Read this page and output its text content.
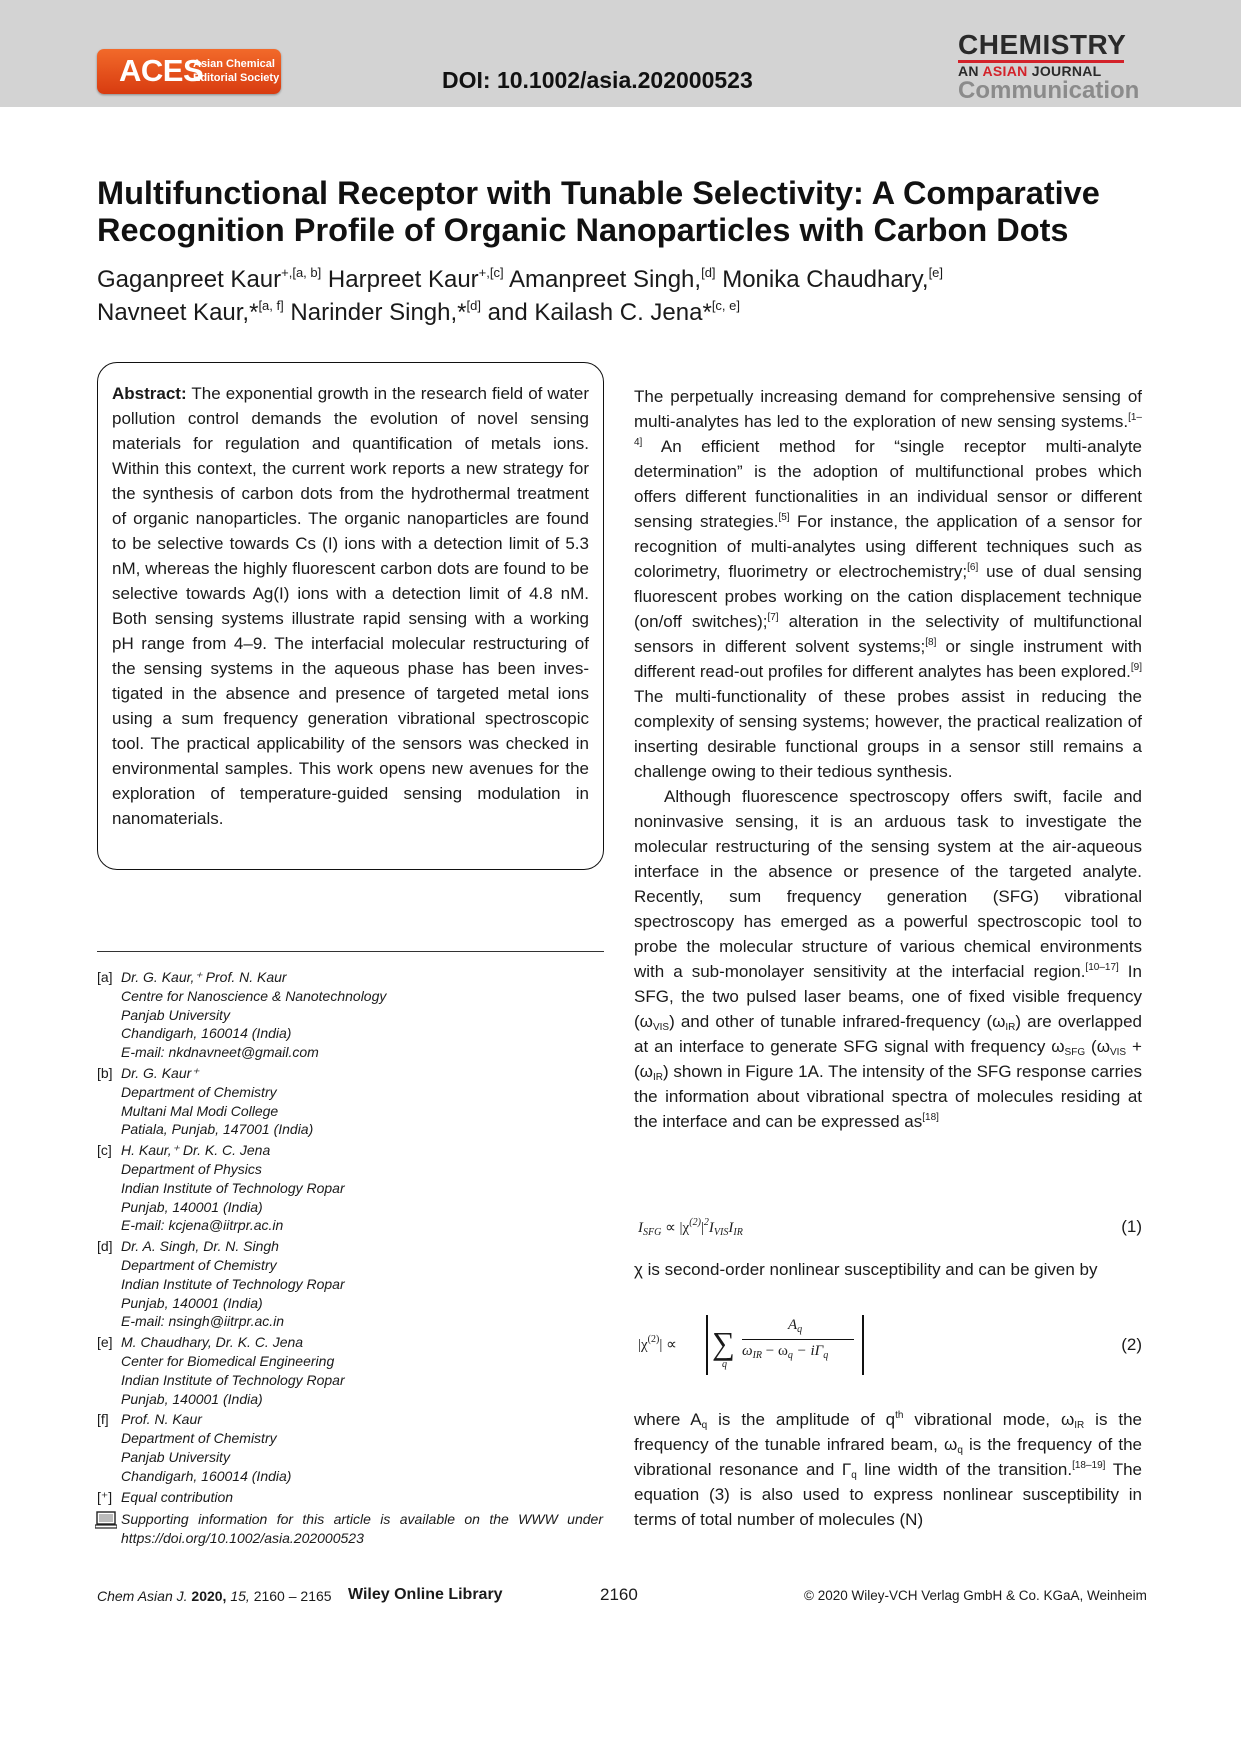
ACES
Asian Chemical
Editorial Society	DOI: 10.1002/asia.202000523
CHEMISTRY
AN ASIAN JOURNAL
Communication
Multifunctional Receptor with Tunable Selectivity: A Comparative
Recognition Profile of Organic Nanoparticles with Carbon Dots
Gaganpreet Kaur$^{+,[a, b]}$ Harpreet Kaur$^{+,[c]}$ Amanpreet Singh,[d] Monika Chaudhary,[e]
Navneet Kaur,*[a, f] Narinder Singh,*[d] and Kailash C. Jena*[c, e]
Abstract: The exponential growth in the research field of water pollution control demands the evolution of novel sensing materials for regulation and quantification of metals ions. Within this context, the current work reports a new strategy for the synthesis of carbon dots from the hydrothermal treatment of organic nanoparticles. The organic nanoparticles are found to be selective towards Cs (I) ions with a detection limit of 5.3 nM, whereas the highly fluorescent carbon dots are found to be selective towards Ag(I) ions with a detection limit of 4.8 nM. Both sensing systems illustrate rapid sensing with a working pH range from 4–9. The interfacial molecular restructuring of the sensing systems in the aqueous phase has been investigated in the absence and presence of targeted metal ions using a sum frequency generation vibrational spectroscopic tool. The practical applicability of the sensors was checked in environmental samples. This work opens new avenues for the exploration of temperature-guided sensing modulation in nanomaterials.
[a] Dr. G. Kaur,⁺ Prof. N. Kaur
Centre for Nanoscience & Nanotechnology
Panjab University
Chandigarh, 160014 (India)
E-mail: nkdnavneet@gmail.com
[b] Dr. G. Kaur⁺
Department of Chemistry
Multani Mal Modi College
Patiala, Punjab, 147001 (India)
[c] H. Kaur,⁺ Dr. K. C. Jena
Department of Physics
Indian Institute of Technology Ropar
Punjab, 140001 (India)
E-mail: kcjena@iitrpr.ac.in
[d] Dr. A. Singh, Dr. N. Singh
Department of Chemistry
Indian Institute of Technology Ropar
Punjab, 140001 (India)
E-mail: nsingh@iitrpr.ac.in
[e] M. Chaudhary, Dr. K. C. Jena
Center for Biomedical Engineering
Indian Institute of Technology Ropar
Punjab, 140001 (India)
[f] Prof. N. Kaur
Department of Chemistry
Panjab University
Chandigarh, 160014 (India)
[⁺] Equal contribution
Supporting information for this article is available on the WWW under https://doi.org/10.1002/asia.202000523

The perpetually increasing demand for comprehensive sensing of multi-analytes has led to the exploration of new sensing systems.[1–4] An efficient method for “single receptor multi-analyte determination” is the adoption of multifunctional probes which offers different functionalities in an individual sensor or different sensing strategies.[5] For instance, the application of a sensor for recognition of multi-analytes using different techniques such as colorimetry, fluorimetry or electrochemistry;[6] use of dual sensing fluorescent probes working on the cation displacement technique (on/off switches);[7] alteration in the selectivity of multifunctional sensors in different solvent systems;[8] or single instrument with different read-out profiles for different analytes has been explored.[9] The multi-functionality of these probes assist in reducing the complexity of sensing systems; however, the practical realization of inserting desirable functional groups in a sensor still remains a challenge owing to their tedious synthesis.

Although fluorescence spectroscopy offers swift, facile and noninvasive sensing, it is an arduous task to investigate the molecular restructuring of the sensing system at the air-aqueous interface in the absence or presence of the targeted analyte. Recently, sum frequency generation (SFG) vibrational spectroscopy has emerged as a powerful spectroscopic tool to probe the molecular structure of various chemical environments with a sub-monolayer sensitivity at the interfacial region.[10–17] In SFG, the two pulsed laser beams, one of fixed visible frequency $(\omega_{VIS})$ and other of tunable infrared-frequency $(\omega_{IR})$ are overlapped at an interface to generate SFG signal with frequency $\omega_{SFG}$ ($\omega_{VIS} + (\omega_{IR})$ shown in Figure 1A. The intensity of the SFG response carries the information about vibrational spectra of molecules residing at the interface and can be expressed as[18]

$I_{SFG} \propto |\chi^{(2)}|^2I_{VIS}I_{IR}$	(1)
χ is second-order nonlinear susceptibility and can be given by
$|\chi^{(2)}|$ ∝ ∑
q
$A_q$
$\omega_{IR} - \omega_q - i\Gamma_q$
(2)
where $A_q$ is the amplitude of $q^{th}$ vibrational mode, $\omega_{IR}$ is the frequency of the tunable infrared beam, $\omega_q$ is the frequency of the vibrational resonance and $\Gamma_q$ line width of the transition.[18–19] The equation (3) is also used to express nonlinear susceptibility in terms of total number of molecules (N)
Chem Asian J. 2020, 15, 2160 – 2165 Wiley Online Library	2160	© 2020 Wiley-VCH Verlag GmbH & Co. KGaA, Weinheim
